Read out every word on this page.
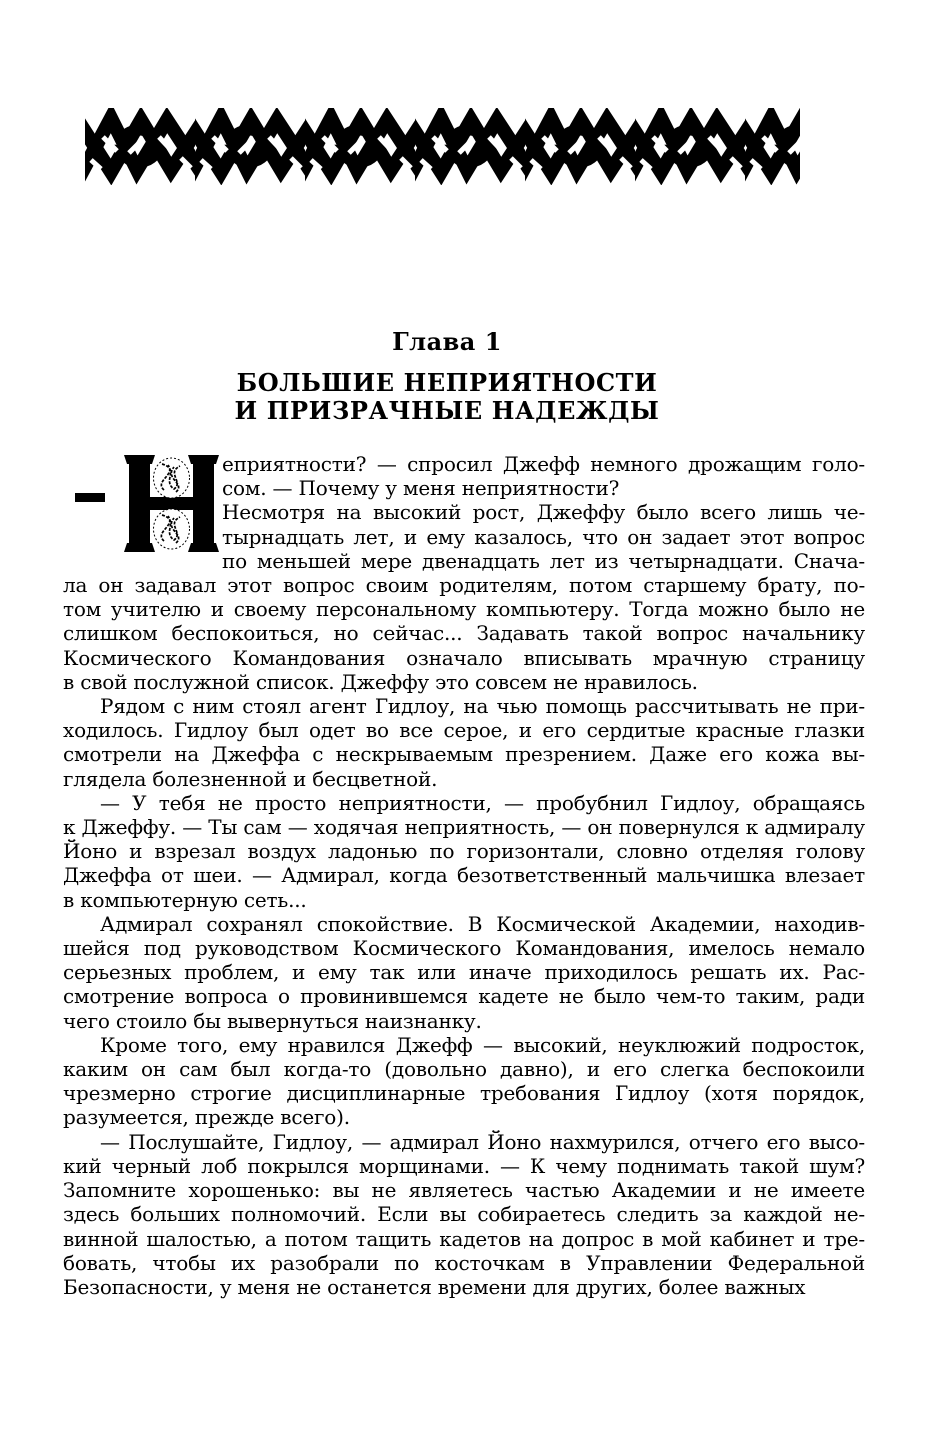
Глава 1
БОЛЬШИЕ НЕПРИЯТНОСТИ
И ПРИЗРАЧНЫЕ НАДЕЖДЫ

еприятности? — спросил Джефф немного дрожащим голо-
сом. — Почему у меня неприятности?
Несмотря на высокий рост, Джеффу было всего лишь че-
тырнадцать лет, и ему казалось, что он задает этот вопрос
по меньшей мере двенадцать лет из четырнадцати. Снача-
ла он задавал этот вопрос своим родителям, потом старшему брату, по-
том учителю и своему персональному компьютеру. Тогда можно было не
слишком беспокоиться, но сейчас... Задавать такой вопрос начальнику
Космического Командования означало вписывать мрачную страницу
в свой послужной список. Джеффу это совсем не нравилось.
Рядом с ним стоял агент Гидлоу, на чью помощь рассчитывать не при-
ходилось. Гидлоу был одет во все серое, и его сердитые красные глазки
смотрели на Джеффа с нескрываемым презрением. Даже его кожа вы-
глядела болезненной и бесцветной.
— У тебя не просто неприятности, — пробубнил Гидлоу, обращаясь
к Джеффу. — Ты сам — ходячая неприятность, — он повернулся к адмиралу
Йоно и взрезал воздух ладонью по горизонтали, словно отделяя голову
Джеффа от шеи. — Адмирал, когда безответственный мальчишка влезает
в компьютерную сеть...
Адмирал сохранял спокойствие. В Космической Академии, находив-
шейся под руководством Космического Командования, имелось немало
серьезных проблем, и ему так или иначе приходилось решать их. Рас-
смотрение вопроса о провинившемся кадете не было чем-то таким, ради
чего стоило бы вывернуться наизнанку.
Кроме того, ему нравился Джефф — высокий, неуклюжий подросток,
каким он сам был когда-то (довольно давно), и его слегка беспокоили
чрезмерно строгие дисциплинарные требования Гидлоу (хотя порядок,
разумеется, прежде всего).
— Послушайте, Гидлоу, — адмирал Йоно нахмурился, отчего его высо-
кий черный лоб покрылся морщинами. — К чему поднимать такой шум?
Запомните хорошенько: вы не являетесь частью Академии и не имеете
здесь больших полномочий. Если вы собираетесь следить за каждой не-
винной шалостью, а потом тащить кадетов на допрос в мой кабинет и тре-
бовать, чтобы их разобрали по косточкам в Управлении Федеральной
Безопасности, у меня не останется времени для других, более важных
